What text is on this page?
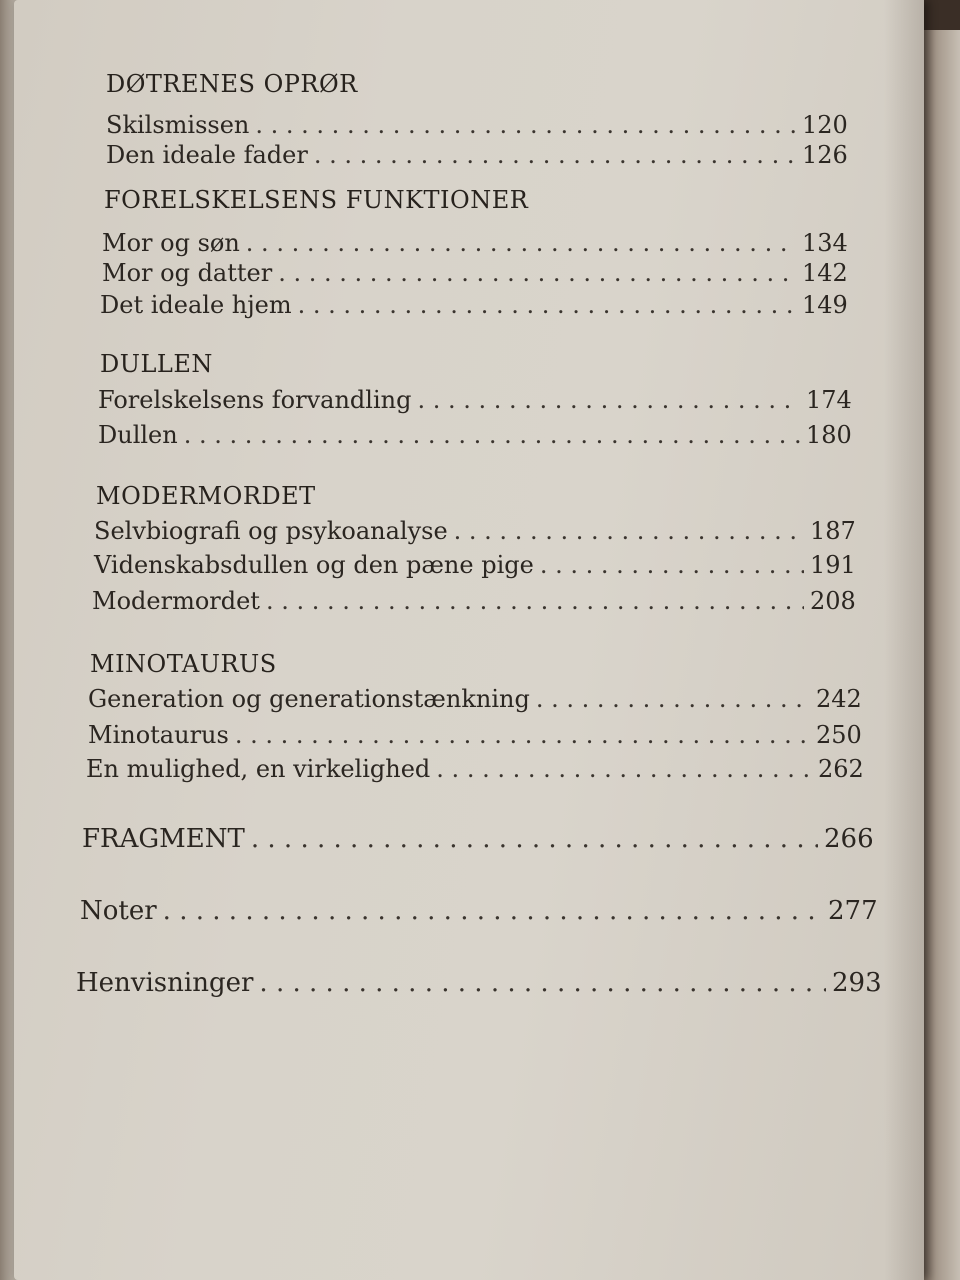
DØTRENES OPRØR
Skilsmissen . . .	120
Den ideale fader . . .	126
FORELSKELSENS FUNKTIONER
Mor og søn . . .	134
Mor og datter . . .	142
Det ideale hjem . . .	149
DULLEN
Forelskelsens forvandling . . .	174
Dullen . . .	180
MODERMORDET
Selvbiografi og psykoanalyse . . .	187
Videnskabsdullen og den pæne pige . . .	191
Modermordet . . .	208
MINOTAURUS
Generation og generationstænkning . . .	242
Minotaurus . . .	250
En mulighed, en virkelighed . . .	262
FRAGMENT . . .	266
Noter . . .	277
Henvisninger . . .	293
